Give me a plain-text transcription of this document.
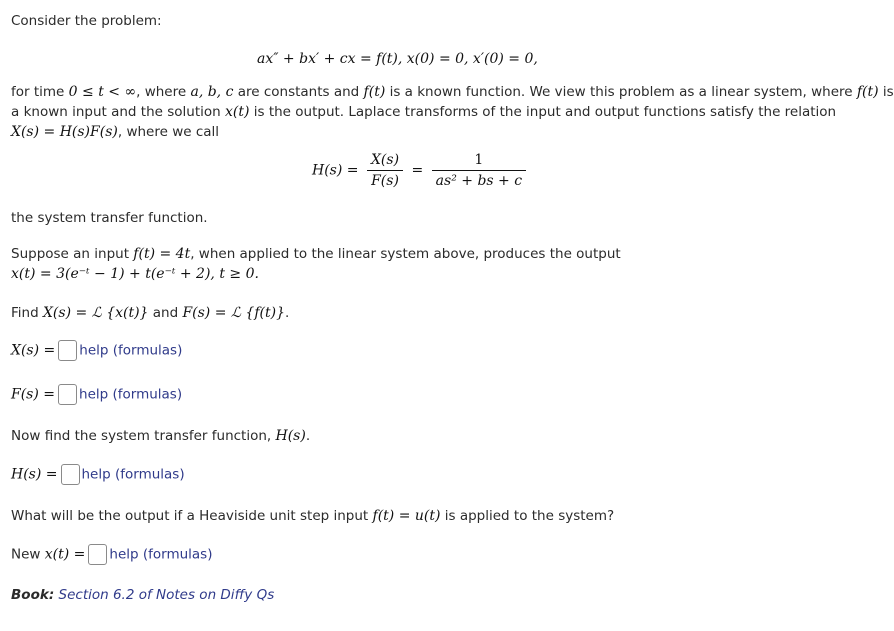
Consider the problem:
ax″ + bx′ + cx = f(t), x(0) = 0, x′(0) = 0,
for time 0 ≤ t < ∞, where a, b, c are constants and f(t) is a known function. We view this problem as a linear system, where f(t) is
a known input and the solution x(t) is the output. Laplace transforms of the input and output functions satisfy the relation
X(s) = H(s)F(s), where we call
$H(s) = \frac{X(s)}{F(s)} = \frac{1}{\text{as² + bs + c}}$
the system transfer function.
Suppose an input f(t) = 4t, when applied to the linear system above, produces the output
x(t) = 3(e⁻ᵗ − 1) + t(e⁻ᵗ + 2), t ≥ 0.
Find X(s) = ℒ {x(t)} and F(s) = ℒ {f(t)}.
X(s) = help (formulas)
F(s) = help (formulas)
Now find the system transfer function, H(s).
H(s) = help (formulas)
What will be the output if a Heaviside unit step input f(t) = u(t) is applied to the system?
New x(t) = help (formulas)
Book: Section 6.2 of Notes on Diffy Qs
